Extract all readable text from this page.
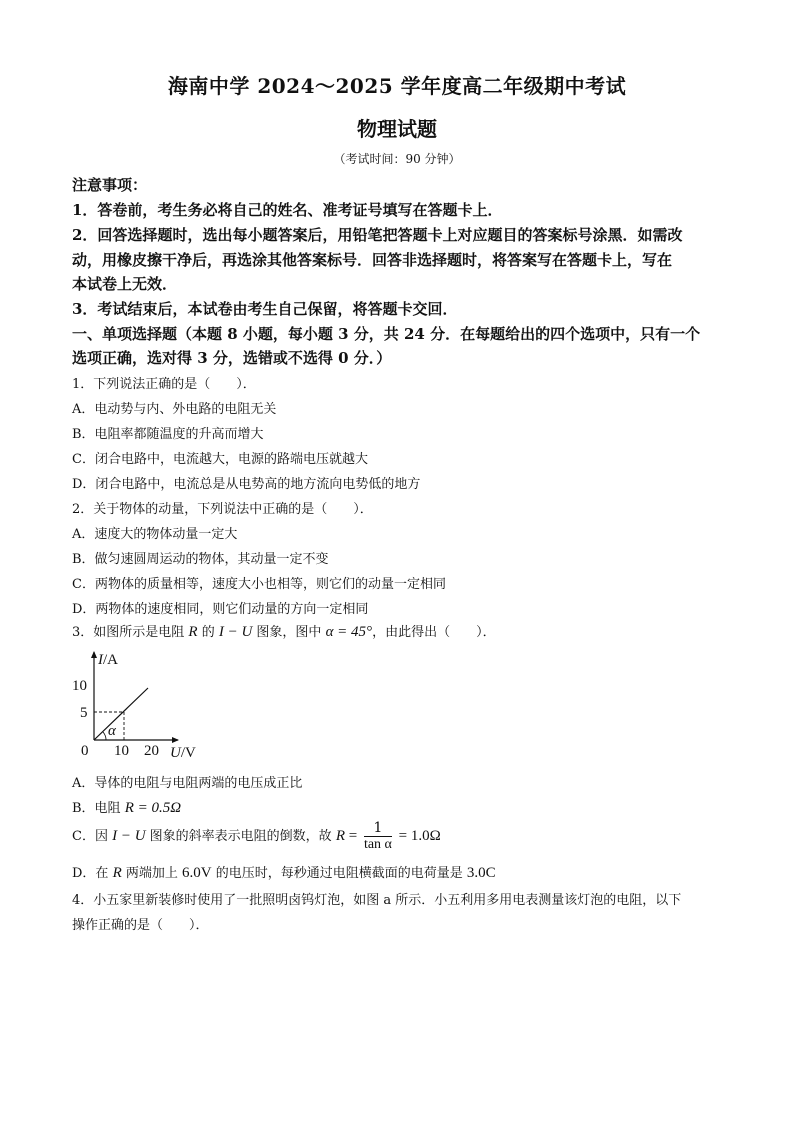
海南中学 2024～2025 学年度高二年级期中考试
物理试题
（考试时间：90 分钟）
注意事项：
1．答卷前，考生务必将自己的姓名、准考证号填写在答题卡上．
2．回答选择题时，选出每小题答案后，用铅笔把答题卡上对应题目的答案标号涂黑．如需改
动，用橡皮擦干净后，再选涂其他答案标号．回答非选择题时，将答案写在答题卡上，写在
本试卷上无效．
3．考试结束后，本试卷由考生自己保留，将答题卡交回．
一、单项选择题（本题 8 小题，每小题 3 分，共 24 分．在每题给出的四个选项中，只有一个
选项正确，选对得 3 分，选错或不选得 0 分．）
1．下列说法正确的是（　　）．
A．电动势与内、外电路的电阻无关
B．电阻率都随温度的升高而增大
C．闭合电路中，电流越大，电源的路端电压就越大
D．闭合电路中，电流总是从电势高的地方流向电势低的地方
2．关于物体的动量，下列说法中正确的是（　　）．
A．速度大的物体动量一定大
B．做匀速圆周运动的物体，其动量一定不变
C．两物体的质量相等，速度大小也相等，则它们的动量一定相同
D．两物体的速度相同，则它们动量的方向一定相同
3．如图所示是电阻 R 的 I − U 图象，图中 α = 45°，由此得出（　　）．
I/A
10
5
0 10 20 U/V
α
A．导体的电阻与电阻两端的电压成正比
B．电阻 R = 0.5Ω
C．因 I − U 图象的斜率表示电阻的倒数，故 $R = \frac{1}{\text{tan α}} = 1.0\Omega$
D．在 R 两端加上 6.0V 的电压时，每秒通过电阻横截面的电荷量是 3.0C
4．小五家里新装修时使用了一批照明卤钨灯泡，如图 a 所示．小五利用多用电表测量该灯泡的电阻，以下
操作正确的是（　　）．
